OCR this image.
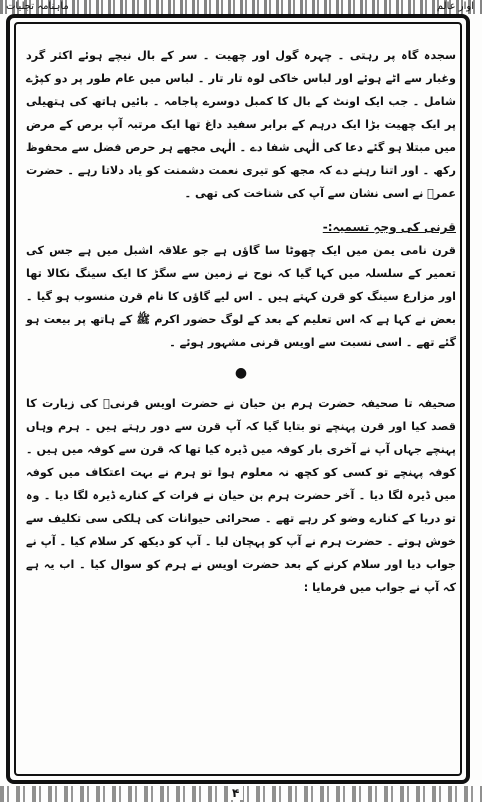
ماہنامہ تجلیات	اوار عالم

سجدہ گاہ پر رہتی ۔ چہرہ گول اور چھیت ۔ سر کے بال نیچے ہوئے اکثر گرد وغبار سے اٹے ہوئے اور لباس خاکی لوہ تار تار ۔ لباس میں عام طور پر دو کپڑے شامل ۔ جب ایک اونٹ کے بال کا کمبل دوسرے پاجامہ ۔ بائیں ہاتھ کی ہتھیلی پر ایک چھیت بڑا ایک درہم کے برابر سفید داغ تھا ایک مرتبہ آپ برص کے مرض میں مبتلا ہو گئے دعا کی الٰہی شفا دے ۔ الٰہی مجھے ہر حرص فضل سے محفوظ رکھ ۔ اور اتنا رہنے دے کہ مجھ کو تیری نعمت دشمنت کو یاد دلاتا رہے ۔ حضرت عمرؓ نے اسی نشان سے آپ کی شناخت کی تھی ۔

قرنی کی وجہِ تسمیہ:-

قرن نامی یمن میں ایک چھوٹا سا گاؤں ہے جو علاقہ اشبل میں ہے جس کی تعمیر کے سلسلہ میں کہا گیا کہ نوح نے زمین سے سگڑ کا ایک سینگ نکالا تھا اور مزارع سینگ کو قرن کہتے ہیں ۔ اس لیے گاؤں کا نام قرن منسوب ہو گیا ۔ بعض نے کہا ہے کہ اس تعلیم کے بعد کے لوگ حضور اکرم ﷺ کے ہاتھ پر بیعت ہو گئے تھے ۔ اسی نسبت سے اویس قرنی مشہور ہوئے ۔

●

صحیفہ تا صحیفہ حضرت ہرم بن حیان نے حضرت اویس قرنیؓ کی زیارت کا قصد کیا اور قرن پہنچے تو بتایا گیا کہ آپ قرن سے دور رہتے ہیں ۔ ہرم وہاں پہنچے جہاں آپ نے آخری بار کوفہ میں ڈیرہ کیا تھا کہ قرن سے کوفہ میں ہیں ۔ کوفہ پہنچے تو کسی کو کچھ نہ معلوم ہوا تو ہرم نے بہت اعتکاف میں کوفہ میں ڈیرہ لگا دیا ۔ آخر حضرت ہرم بن حیان نے فرات کے کنارے ڈیرہ لگا دیا ۔ وہ تو دریا کے کنارے وضو کر رہے تھے ۔ صحرائی حیوانات کی ہلکی سی تکلیف سے خوش ہوتے ۔ حضرت ہرم نے آپ کو پہچان لیا ۔ آپ کو دیکھ کر سلام کیا ۔ آپ نے جواب دیا اور سلام کرنے کے بعد حضرت اویس نے ہرم کو سوال کیا ۔ اب یہ ہے کہ آپ نے جواب میں فرمایا :

۴
